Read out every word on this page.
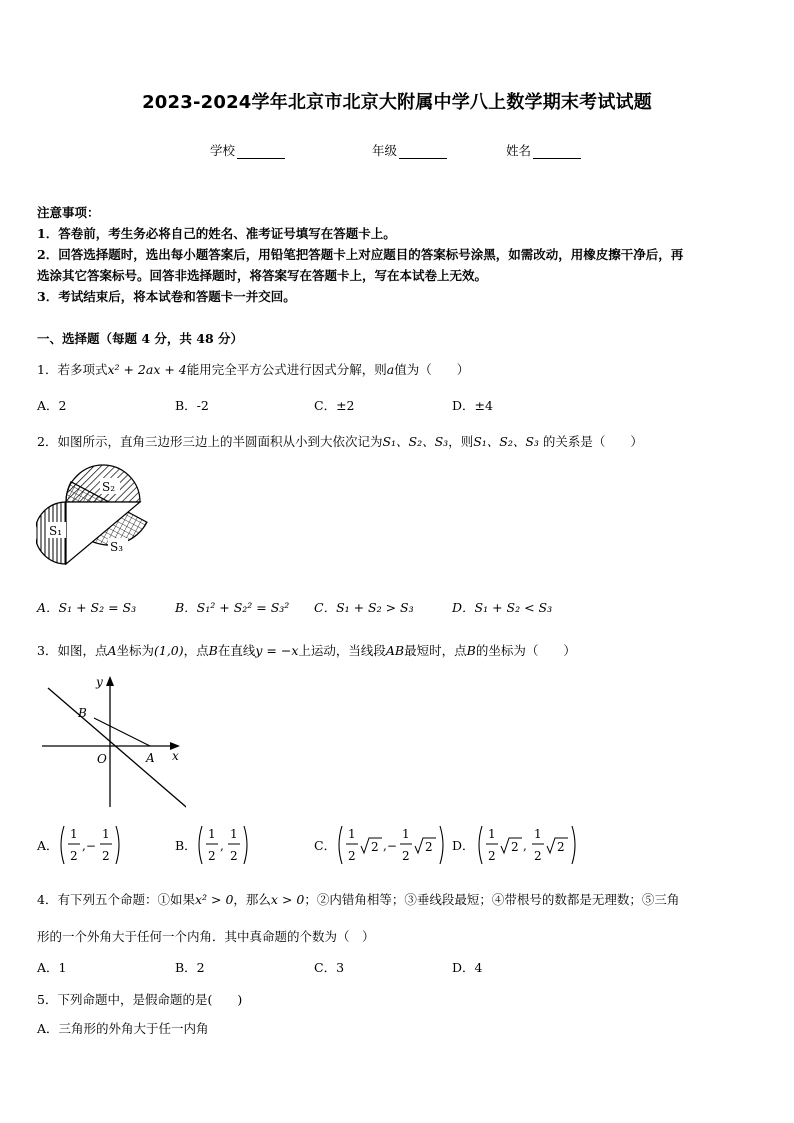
2023-2024学年北京市北京大附属中学八上数学期末考试试题
学校	年级	姓名
注意事项：
1．答卷前，考生务必将自己的姓名、准考证号填写在答题卡上。
2．回答选择题时，选出每小题答案后，用铅笔把答题卡上对应题目的答案标号涂黑，如需改动，用橡皮擦干净后，再
选涂其它答案标号。回答非选择题时，将答案写在答题卡上，写在本试卷上无效。
3．考试结束后，将本试卷和答题卡一并交回。
一、选择题（每题 4 分，共 48 分）
1．若多项式x² + 2ax + 4能用完全平方公式进行因式分解，则a值为（　　）
A．2	B．-2	C．±2	D．±4
2．如图所示，直角三边形三边上的半圆面积从小到大依次记为S₁、S₂、S₃，则S₁、S₂、S₃ 的关系是（　　）
S₂
S₁
S₃
A．S₁ + S₂ = S₃	B．S₁² + S₂² = S₃² C．S₁ + S₂ > S₃	D．S₁ + S₂ < S₃
3．如图，点A坐标为(1,0)，点B在直线y = −x上运动，当线段AB最短时，点B的坐标为（　　）
y
x
O	A
B
A．
1
2
,−
1
2
B．
1
2
,
1
2
C．
1
2
2 ,−
1
2
2 D．
1
2
2 ,
1
2
2
4．有下列五个命题：①如果x² > 0，那么x > 0；②内错角相等；③垂线段最短；④带根号的数都是无理数；⑤三角
形的一个外角大于任何一个内角．其中真命题的个数为（　）
A．1	B．2	C．3	D．4
5．下列命题中，是假命题的是(　　)
A．三角形的外角大于任一内角
